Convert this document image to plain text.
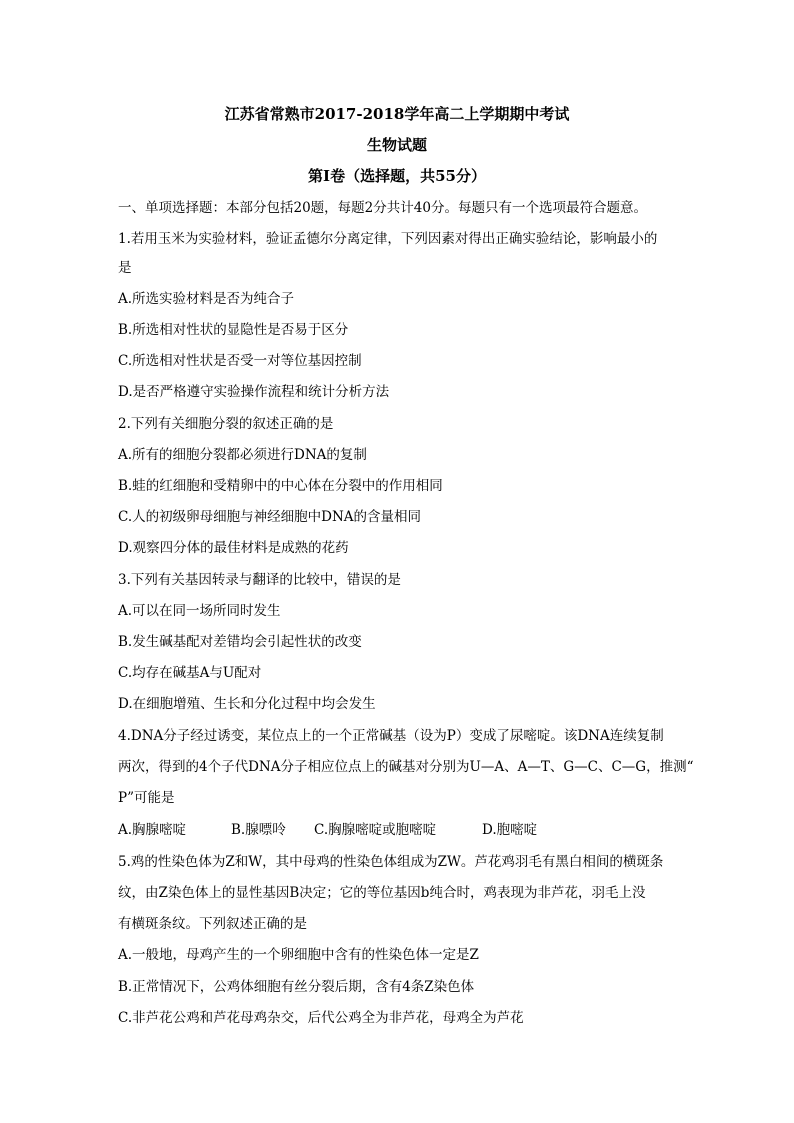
江苏省常熟市2017-2018学年高二上学期期中考试
生物试题
第Ⅰ卷（选择题，共55分）
一、单项选择题：本部分包括20题，每题2分共计40分。每题只有一个选项最符合题意。
1.若用玉米为实验材料，验证孟德尔分离定律，下列因素对得出正确实验结论，影响最小的
是
A.所选实验材料是否为纯合子
B.所选相对性状的显隐性是否易于区分
C.所选相对性状是否受一对等位基因控制
D.是否严格遵守实验操作流程和统计分析方法
2.下列有关细胞分裂的叙述正确的是
A.所有的细胞分裂都必须进行DNA的复制
B.蛙的红细胞和受精卵中的中心体在分裂中的作用相同
C.人的初级卵母细胞与神经细胞中DNA的含量相同
D.观察四分体的最佳材料是成熟的花药
3.下列有关基因转录与翻译的比较中，错误的是
A.可以在同一场所同时发生
B.发生碱基配对差错均会引起性状的改变
C.均存在碱基A与U配对
D.在细胞增殖、生长和分化过程中均会发生
4.DNA分子经过诱变，某位点上的一个正常碱基（设为P）变成了尿嘧啶。该DNA连续复制
两次，得到的4个子代DNA分子相应位点上的碱基对分别为U—A、A—T、G—C、C—G，推测“
P”可能是
A.胸腺嘧啶	B.腺嘌呤 C.胸腺嘧啶或胞嘧啶	D.胞嘧啶
5.鸡的性染色体为Z和W，其中母鸡的性染色体组成为ZW。芦花鸡羽毛有黑白相间的横斑条
纹，由Z染色体上的显性基因B决定；它的等位基因b纯合时，鸡表现为非芦花，羽毛上没
有横斑条纹。下列叙述正确的是
A.一般地，母鸡产生的一个卵细胞中含有的性染色体一定是Z
B.正常情况下，公鸡体细胞有丝分裂后期，含有4条Z染色体
C.非芦花公鸡和芦花母鸡杂交，后代公鸡全为非芦花，母鸡全为芦花
